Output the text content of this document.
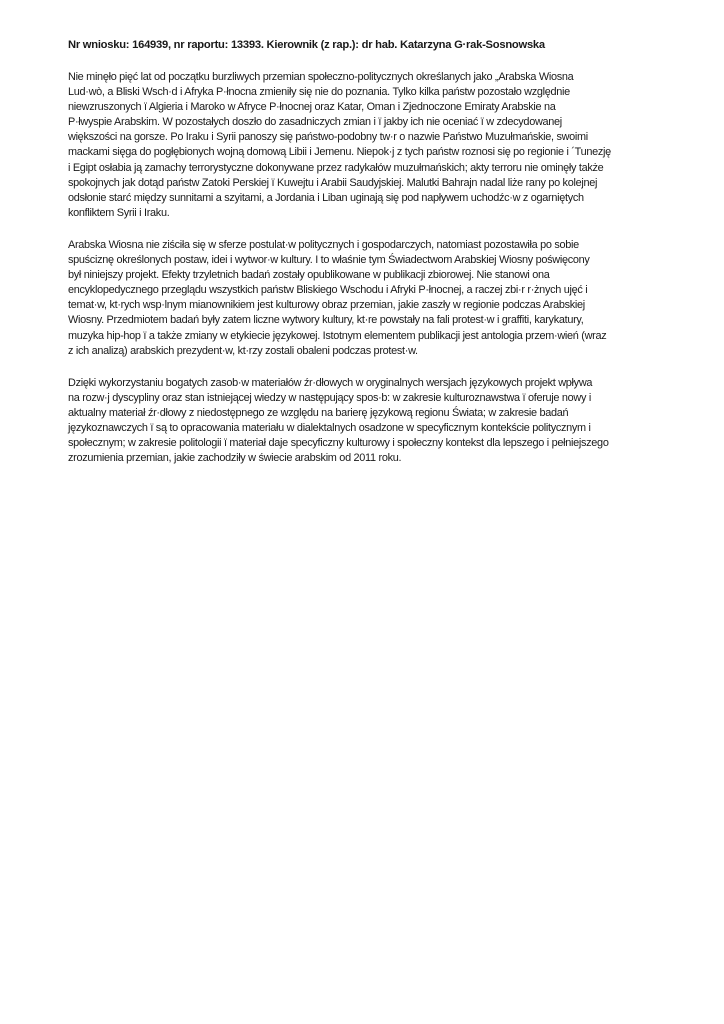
Nr wniosku: 164939, nr raportu: 13393. Kierownik (z rap.): dr hab. Katarzyna G·rak-Sosnowska
Nie minęło pięć lat od początku burzliwych przemian społeczno-politycznych określanych jako „Arabska Wiosna
Lud·wò, a Bliski Wsch·d i Afryka P·łnocna zmieniły się nie do poznania. Tylko kilka państw pozostało względnie
niewzruszonych ï Algieria i Maroko w Afryce P·łnocnej oraz Katar, Oman i Zjednoczone Emiraty Arabskie na
P·łwyspie Arabskim. W pozostałych doszło do zasadniczych zmian i ï jakby ich nie oceniać ï w zdecydowanej
większości na gorsze. Po Iraku i Syrii panoszy się państwo-podobny tw·r o nazwie Państwo Muzułmańskie, swoimi
mackami sięga do pogłębionych wojną domową Libii i Jemenu. Niepok·j z tych państw roznosi się po regionie i ´Tunezję
i Egipt osłabia ją zamachy terrorystyczne dokonywane przez radykałów muzułmańskich; akty terroru nie ominęły także
spokojnych jak dotąd państw Zatoki Perskiej ï Kuwejtu i Arabii Saudyjskiej. Malutki Bahrajn nadal liże rany po kolejnej
odsłonie starć między sunnitami a szyitami, a Jordania i Liban uginają się pod napływem uchodźc·w z ogarniętych
konfliktem Syrii i Iraku.
Arabska Wiosna nie ziściła się w sferze postulat·w politycznych i gospodarczych, natomiast pozostawiła po sobie
spuściznę określonych postaw, idei i wytwor·w kultury. I to właśnie tym Świadectwom Arabskiej Wiosny poświęcony
był niniejszy projekt. Efekty trzyletnich badań zostały opublikowane w publikacji zbiorowej. Nie stanowi ona
encyklopedycznego przeglądu wszystkich państw Bliskiego Wschodu i Afryki P·łnocnej, a raczej zbi·r r·żnych ujęć i
temat·w, kt·rych wsp·lnym mianownikiem jest kulturowy obraz przemian, jakie zaszły w regionie podczas Arabskiej
Wiosny. Przedmiotem badań były zatem liczne wytwory kultury, kt·re powstały na fali protest·w i graffiti, karykatury,
muzyka hip-hop ï a także zmiany w etykiecie językowej. Istotnym elementem publikacji jest antologia przem·wień (wraz
z ich analizą) arabskich prezydent·w, kt·rzy zostali obaleni podczas protest·w.
Dzięki wykorzystaniu bogatych zasob·w materiałów źr·dłowych w oryginalnych wersjach językowych projekt wpływa
na rozw·j dyscypliny oraz stan istniejącej wiedzy w następujący spos·b: w zakresie kulturoznawstwa ï oferuje nowy i
aktualny materiał źr·dłowy z niedostępnego ze względu na barierę językową regionu Świata; w zakresie badań
językoznawczych ï są to opracowania materiału w dialektalnych osadzone w specyficznym kontekście politycznym i
społecznym; w zakresie politologii ï materiał daje specyficzny kulturowy i społeczny kontekst dla lepszego i pełniejszego
zrozumienia przemian, jakie zachodziły w świecie arabskim od 2011 roku.
